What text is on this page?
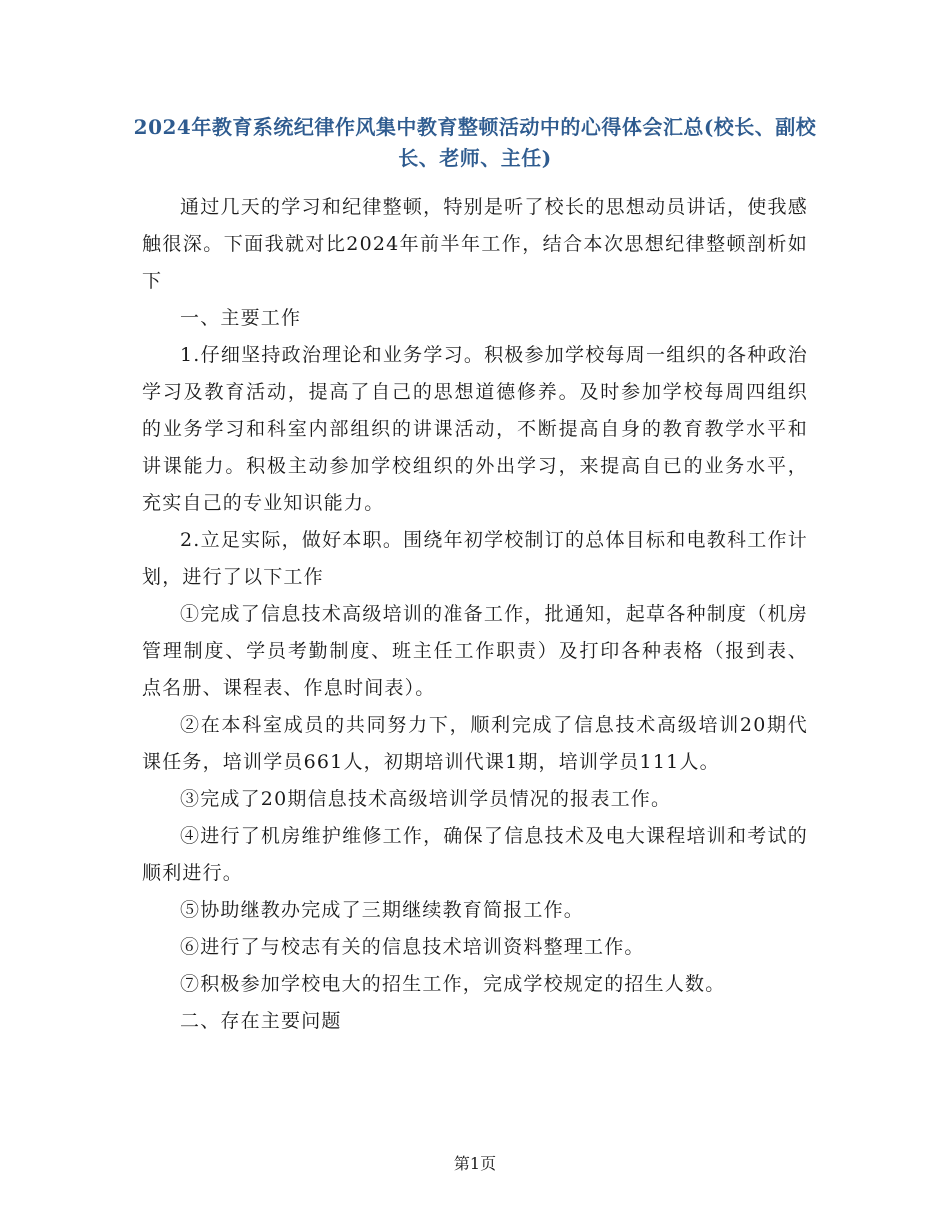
2024年教育系统纪律作风集中教育整顿活动中的心得体会汇总(校长、副校长、老师、主任)

通过几天的学习和纪律整顿，特别是听了校长的思想动员讲话，使我感触很深。下面我就对比2024年前半年工作，结合本次思想纪律整顿剖析如下

一、主要工作

1.仔细坚持政治理论和业务学习。积极参加学校每周一组织的各种政治学习及教育活动，提高了自己的思想道德修养。及时参加学校每周四组织的业务学习和科室内部组织的讲课活动，不断提高自身的教育教学水平和讲课能力。积极主动参加学校组织的外出学习，来提高自已的业务水平，充实自己的专业知识能力。

2.立足实际，做好本职。围绕年初学校制订的总体目标和电教科工作计划，进行了以下工作

①完成了信息技术高级培训的准备工作，批通知，起草各种制度（机房管理制度、学员考勤制度、班主任工作职责）及打印各种表格（报到表、点名册、课程表、作息时间表）。

②在本科室成员的共同努力下，顺利完成了信息技术高级培训20期代课任务，培训学员661人，初期培训代课1期，培训学员111人。

③完成了20期信息技术高级培训学员情况的报表工作。

④进行了机房维护维修工作，确保了信息技术及电大课程培训和考试的顺利进行。

⑤协助继教办完成了三期继续教育简报工作。

⑥进行了与校志有关的信息技术培训资料整理工作。

⑦积极参加学校电大的招生工作，完成学校规定的招生人数。

二、存在主要问题

第1页
